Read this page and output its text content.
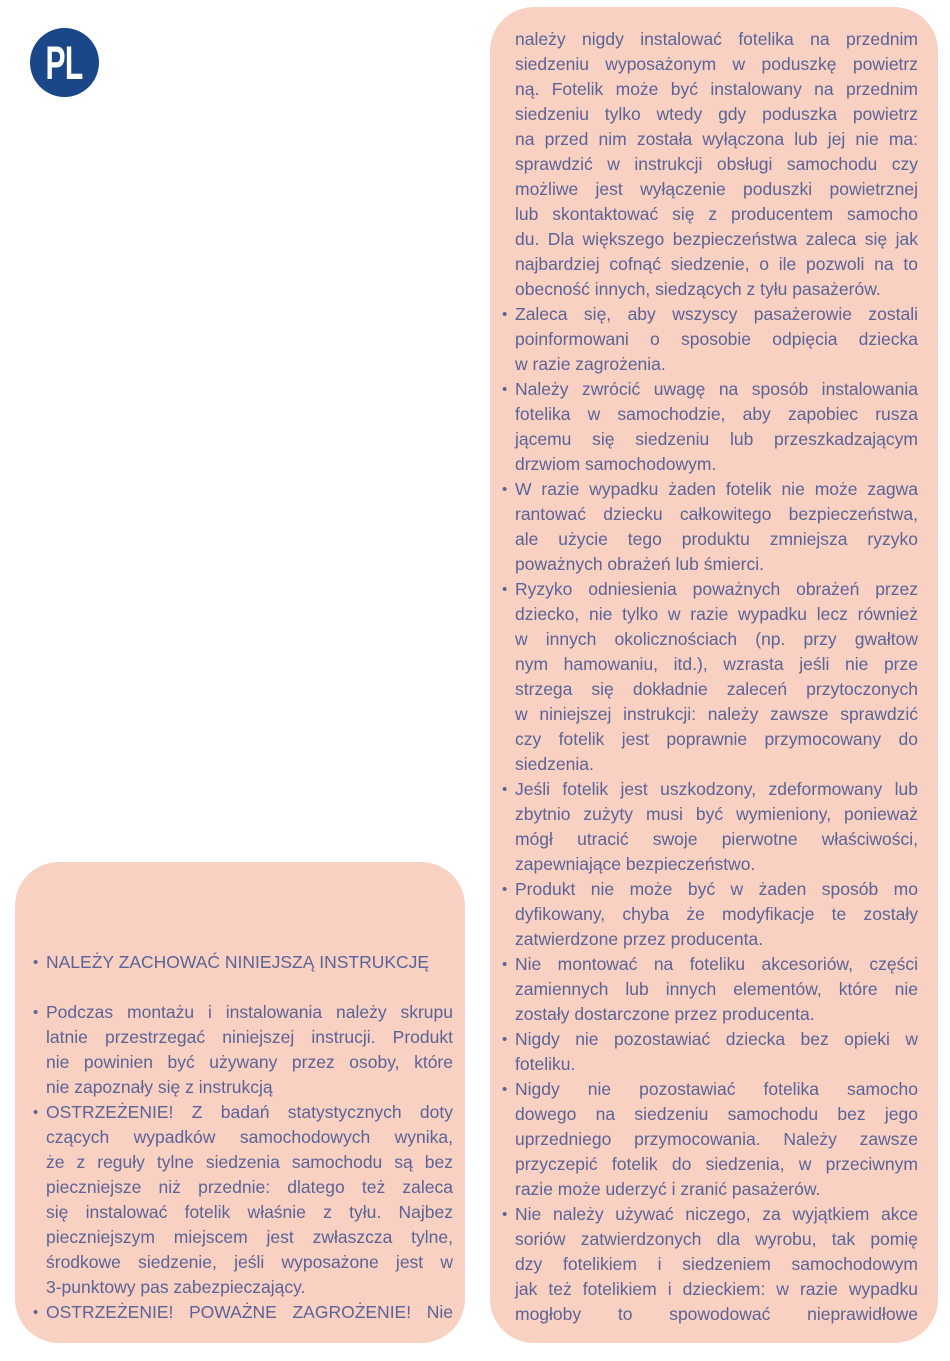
PL
• NALEŻY ZACHOWAĆ NINIEJSZĄ INSTRUKCJĘ
• Podczas montażu i instalowania należy skrupu
latnie przestrzegać niniejszej instrucji. Produkt
nie powinien być używany przez osoby, które
nie zapoznały się z instrukcją
• OSTRZEŻENIE! Z badań statystycznych doty
czących wypadków samochodowych wynika,
że z reguły tylne siedzenia samochodu są bez
pieczniejsze niż przednie: dlatego też zaleca
się instalować fotelik właśnie z tyłu. Najbez
pieczniejszym miejscem jest zwłaszcza tylne,
środkowe siedzenie, jeśli wyposażone jest w
3-punktowy pas zabezpieczający.
• OSTRZEŻENIE! POWAŻNE ZAGROŻENIE! Nie
należy nigdy instalować fotelika na przednim
siedzeniu wyposażonym w poduszkę powietrz
ną. Fotelik może być instalowany na przednim
siedzeniu tylko wtedy gdy poduszka powietrz
na przed nim została wyłączona lub jej nie ma:
sprawdzić w instrukcji obsługi samochodu czy
możliwe jest wyłączenie poduszki powietrznej
lub skontaktować się z producentem samocho
du. Dla większego bezpieczeństwa zaleca się jak
najbardziej cofnąć siedzenie, o ile pozwoli na to
obecność innych, siedzących z tyłu pasażerów.
• Zaleca się, aby wszyscy pasażerowie zostali
poinformowani o sposobie odpięcia dziecka
w razie zagrożenia.
• Należy zwrócić uwagę na sposób instalowania
fotelika w samochodzie, aby zapobiec rusza
jącemu się siedzeniu lub przeszkadzającym
drzwiom samochodowym.
• W razie wypadku żaden fotelik nie może zagwa
rantować dziecku całkowitego bezpieczeństwa,
ale użycie tego produktu zmniejsza ryzyko
poważnych obrażeń lub śmierci.
• Ryzyko odniesienia poważnych obrażeń przez
dziecko, nie tylko w razie wypadku lecz również
w innych okolicznościach (np. przy gwałtow
nym hamowaniu, itd.), wzrasta jeśli nie prze
strzega się dokładnie zaleceń przytoczonych
w niniejszej instrukcji: należy zawsze sprawdzić
czy fotelik jest poprawnie przymocowany do
siedzenia.
• Jeśli fotelik jest uszkodzony, zdeformowany lub
zbytnio zużyty musi być wymieniony, ponieważ
mógł utracić swoje pierwotne właściwości,
zapewniające bezpieczeństwo.
• Produkt nie może być w żaden sposób mo
dyfikowany, chyba że modyfikacje te zostały
zatwierdzone przez producenta.
• Nie montować na foteliku akcesoriów, części
zamiennych lub innych elementów, które nie
zostały dostarczone przez producenta.
• Nigdy nie pozostawiać dziecka bez opieki w
foteliku.
• Nigdy nie pozostawiać fotelika samocho
dowego na siedzeniu samochodu bez jego
uprzedniego przymocowania. Należy zawsze
przyczepić fotelik do siedzenia, w przeciwnym
razie może uderzyć i zranić pasażerów.
• Nie należy używać niczego, za wyjątkiem akce
soriów zatwierdzonych dla wyrobu, tak pomię
dzy fotelikiem i siedzeniem samochodowym
jak też fotelikiem i dzieckiem: w razie wypadku
mogłoby to spowodować nieprawidłowe
